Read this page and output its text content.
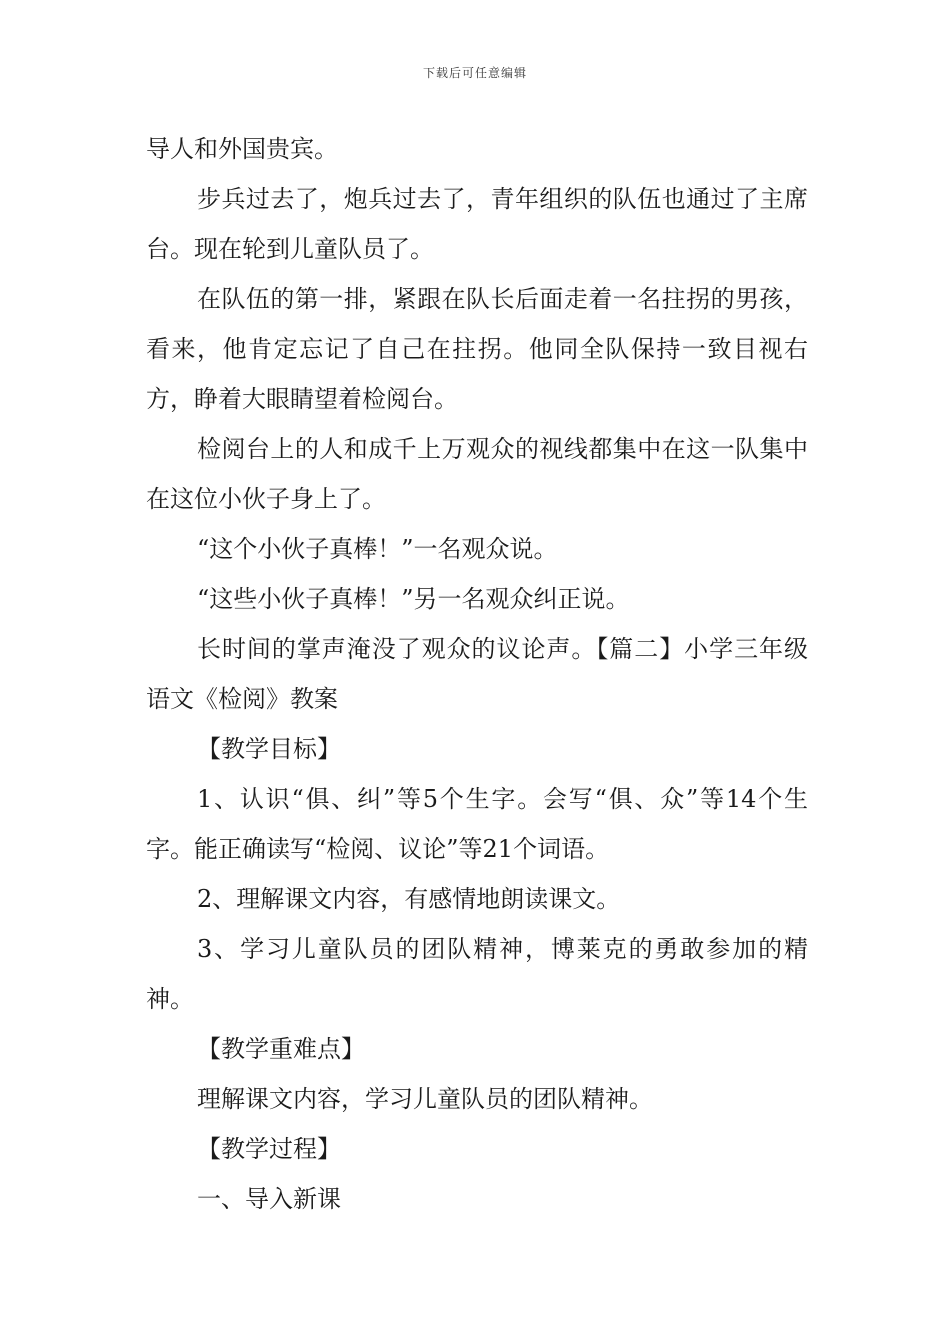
下载后可任意编辑

导人和外国贵宾。

步兵过去了，炮兵过去了，青年组织的队伍也通过了主席台。现在轮到儿童队员了。

在队伍的第一排，紧跟在队长后面走着一名拄拐的男孩，看来，他肯定忘记了自己在拄拐。他同全队保持一致目视右方，睁着大眼睛望着检阅台。

检阅台上的人和成千上万观众的视线都集中在这一队集中在这位小伙子身上了。

“这个小伙子真棒！”一名观众说。

“这些小伙子真棒！”另一名观众纠正说。

长时间的掌声淹没了观众的议论声。【篇二】小学三年级语文《检阅》教案

【教学目标】

1、认识“俱、纠”等5个生字。会写“俱、众”等14个生字。能正确读写“检阅、议论”等21个词语。

2、理解课文内容，有感情地朗读课文。

3、学习儿童队员的团队精神，博莱克的勇敢参加的精神。

【教学重难点】

理解课文内容，学习儿童队员的团队精神。

【教学过程】

一、导入新课
